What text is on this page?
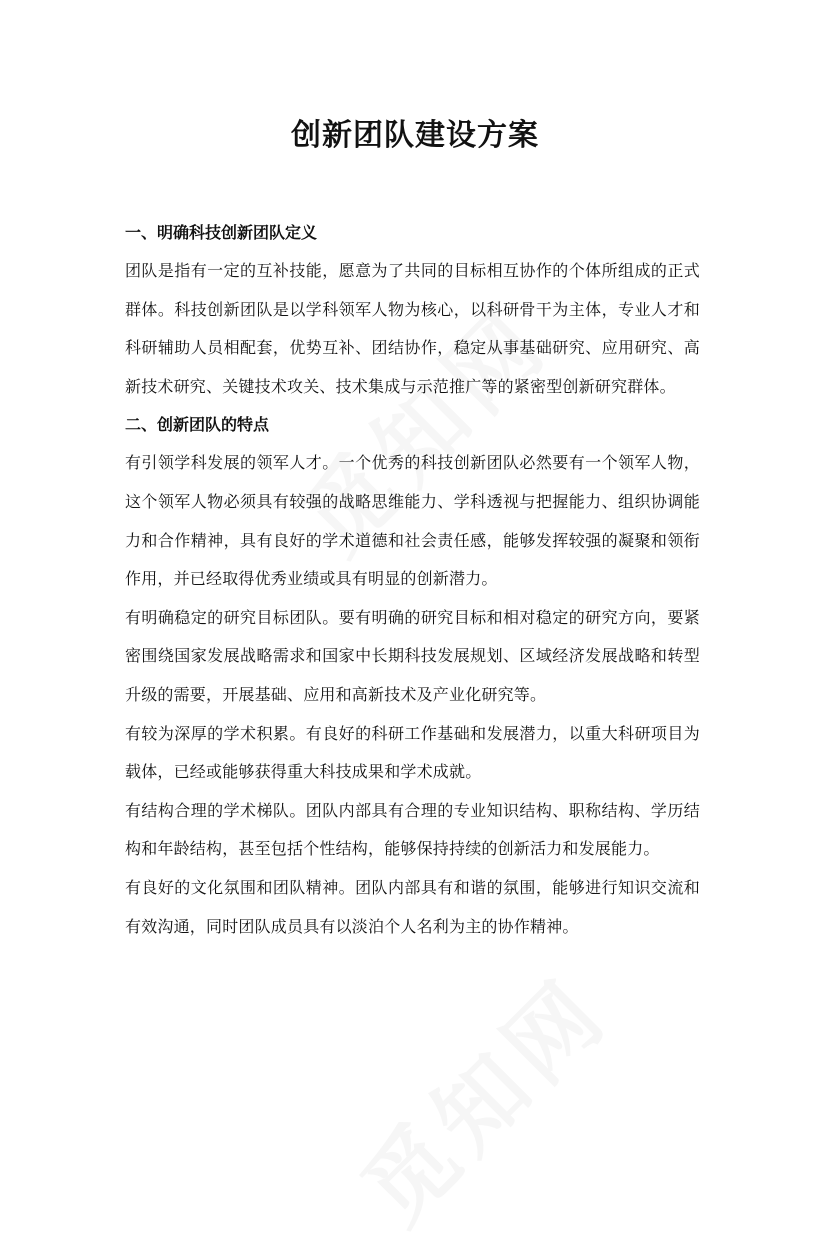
创新团队建设方案
一、明确科技创新团队定义

团队是指有一定的互补技能，愿意为了共同的目标相互协作的个体所组成的正式群体。科技创新团队是以学科领军人物为核心，以科研骨干为主体，专业人才和科研辅助人员相配套，优势互补、团结协作，稳定从事基础研究、应用研究、高新技术研究、关键技术攻关、技术集成与示范推广等的紧密型创新研究群体。

二、创新团队的特点

有引领学科发展的领军人才。一个优秀的科技创新团队必然要有一个领军人物，这个领军人物必须具有较强的战略思维能力、学科透视与把握能力、组织协调能力和合作精神，具有良好的学术道德和社会责任感，能够发挥较强的凝聚和领衔作用，并已经取得优秀业绩或具有明显的创新潜力。

有明确稳定的研究目标团队。要有明确的研究目标和相对稳定的研究方向，要紧密围绕国家发展战略需求和国家中长期科技发展规划、区域经济发展战略和转型升级的需要，开展基础、应用和高新技术及产业化研究等。

有较为深厚的学术积累。有良好的科研工作基础和发展潜力，以重大科研项目为载体，已经或能够获得重大科技成果和学术成就。

有结构合理的学术梯队。团队内部具有合理的专业知识结构、职称结构、学历结构和年龄结构，甚至包括个性结构，能够保持持续的创新活力和发展能力。

有良好的文化氛围和团队精神。团队内部具有和谐的氛围，能够进行知识交流和有效沟通，同时团队成员具有以淡泊个人名利为主的协作精神。
